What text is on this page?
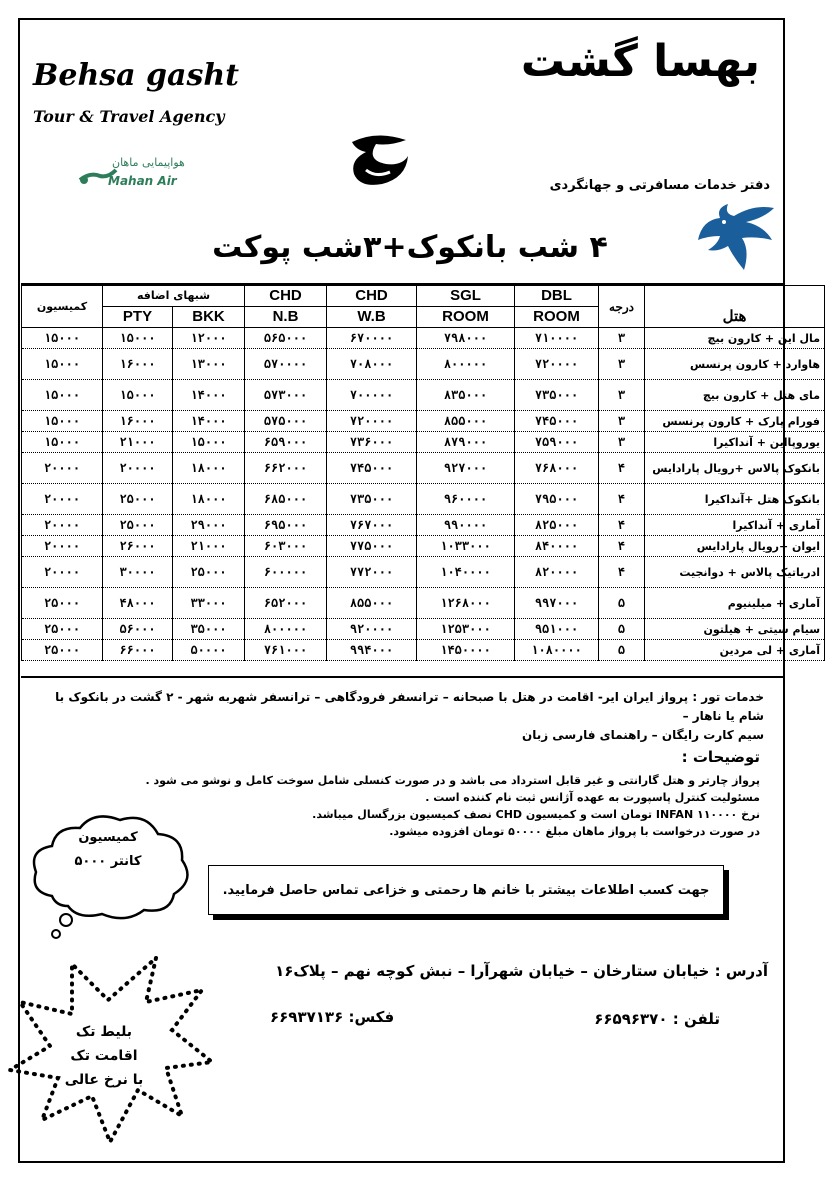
Behsa gasht
Tour & Travel Agency
بهسا گشت
دفتر خدمات مسافرتی و جهانگردی
هواپیمایی ماهان
Mahan Air
۴ شب بانکوک+۳شب پوکت
هتل	درجه	DBL	SGL	CHD	CHD	شبهای اضافه		کمیسیون
		ROOM	ROOM	W.B	N.B	BKK	PTY	
مال این + کارون بیچ	۳	۷۱۰۰۰۰	۷۹۸۰۰۰	۶۷۰۰۰۰	۵۶۵۰۰۰	۱۲۰۰۰	۱۵۰۰۰	۱۵۰۰۰
هاوارد + کارون پرنسس	۳	۷۲۰۰۰۰	۸۰۰۰۰۰	۷۰۸۰۰۰	۵۷۰۰۰۰	۱۳۰۰۰	۱۶۰۰۰	۱۵۰۰۰
مای هتل + کارون بیچ	۳	۷۳۵۰۰۰	۸۳۵۰۰۰	۷۰۰۰۰۰	۵۷۳۰۰۰	۱۴۰۰۰	۱۵۰۰۰	۱۵۰۰۰
فورام پارک + کارون پرنسس	۳	۷۴۵۰۰۰	۸۵۵۰۰۰	۷۲۰۰۰۰	۵۷۵۰۰۰	۱۴۰۰۰	۱۶۰۰۰	۱۵۰۰۰
یوروپااین + آنداکیرا	۳	۷۵۹۰۰۰	۸۷۹۰۰۰	۷۳۶۰۰۰	۶۵۹۰۰۰	۱۵۰۰۰	۲۱۰۰۰	۱۵۰۰۰
بانکوک پالاس +رویال پارادایس	۴	۷۶۸۰۰۰	۹۲۷۰۰۰	۷۴۵۰۰۰	۶۶۲۰۰۰	۱۸۰۰۰	۲۰۰۰۰	۲۰۰۰۰
بانکوک هتل +آنداکیرا	۴	۷۹۵۰۰۰	۹۶۰۰۰۰	۷۳۵۰۰۰	۶۸۵۰۰۰	۱۸۰۰۰	۲۵۰۰۰	۲۰۰۰۰
آماری + آنداکیرا	۴	۸۲۵۰۰۰	۹۹۰۰۰۰	۷۶۷۰۰۰	۶۹۵۰۰۰	۲۹۰۰۰	۲۵۰۰۰	۲۰۰۰۰
ایوان +رویال پارادایس	۴	۸۴۰۰۰۰	۱۰۳۳۰۰۰	۷۷۵۰۰۰	۶۰۳۰۰۰	۲۱۰۰۰	۲۶۰۰۰	۲۰۰۰۰
ادریاتیک پالاس + دوانجیت	۴	۸۲۰۰۰۰	۱۰۴۰۰۰۰	۷۷۲۰۰۰	۶۰۰۰۰۰	۲۵۰۰۰	۳۰۰۰۰	۲۰۰۰۰
آماری + میلینیوم	۵	۹۹۷۰۰۰	۱۲۶۸۰۰۰	۸۵۵۰۰۰	۶۵۲۰۰۰	۳۳۰۰۰	۴۸۰۰۰	۲۵۰۰۰
سیام سیتی + هیلتون	۵	۹۵۱۰۰۰	۱۲۵۳۰۰۰	۹۲۰۰۰۰	۸۰۰۰۰۰	۳۵۰۰۰	۵۶۰۰۰	۲۵۰۰۰
آماری + لی مردین	۵	۱۰۸۰۰۰۰	۱۴۵۰۰۰۰	۹۹۴۰۰۰	۷۶۱۰۰۰	۵۰۰۰۰	۶۶۰۰۰	۲۵۰۰۰
خدمات تور : پرواز ایران ایر- اقامت در هتل با صبحانه – ترانسفر فرودگاهی – ترانسفر شهربه شهر - ۲ گشت در بانکوک با شام یا ناهار –
سیم کارت رایگان – راهنمای فارسی زبان
توضیحات :
پرواز چارتر و هتل گارانتی و غیر قابل استرداد می باشد و در صورت کنسلی شامل سوخت کامل و نوشو می شود .
مسئولیت کنترل پاسپورت به عهده آژانس ثبت نام کننده است .
نرخ INFAN ۱۱۰۰۰۰ تومان است و کمیسیون CHD نصف کمیسیون بزرگسال میباشد.
در صورت درخواست با پرواز ماهان مبلغ ۵۰۰۰۰ تومان افزوده میشود.
کمیسیون
کانتر ۵۰۰۰
جهت کسب اطلاعات بیشتر با خانم ها رحمتی و خزاعی تماس حاصل فرمایید.
آدرس : خیابان ستارخان – خیابان شهرآرا – نبش کوچه نهم – پلاک۱۶
تلفن : ۶۶۵۹۶۳۷۰
فکس: ۶۶۹۳۷۱۳۶
بلیط تک
اقامت تک
با نرخ عالی
